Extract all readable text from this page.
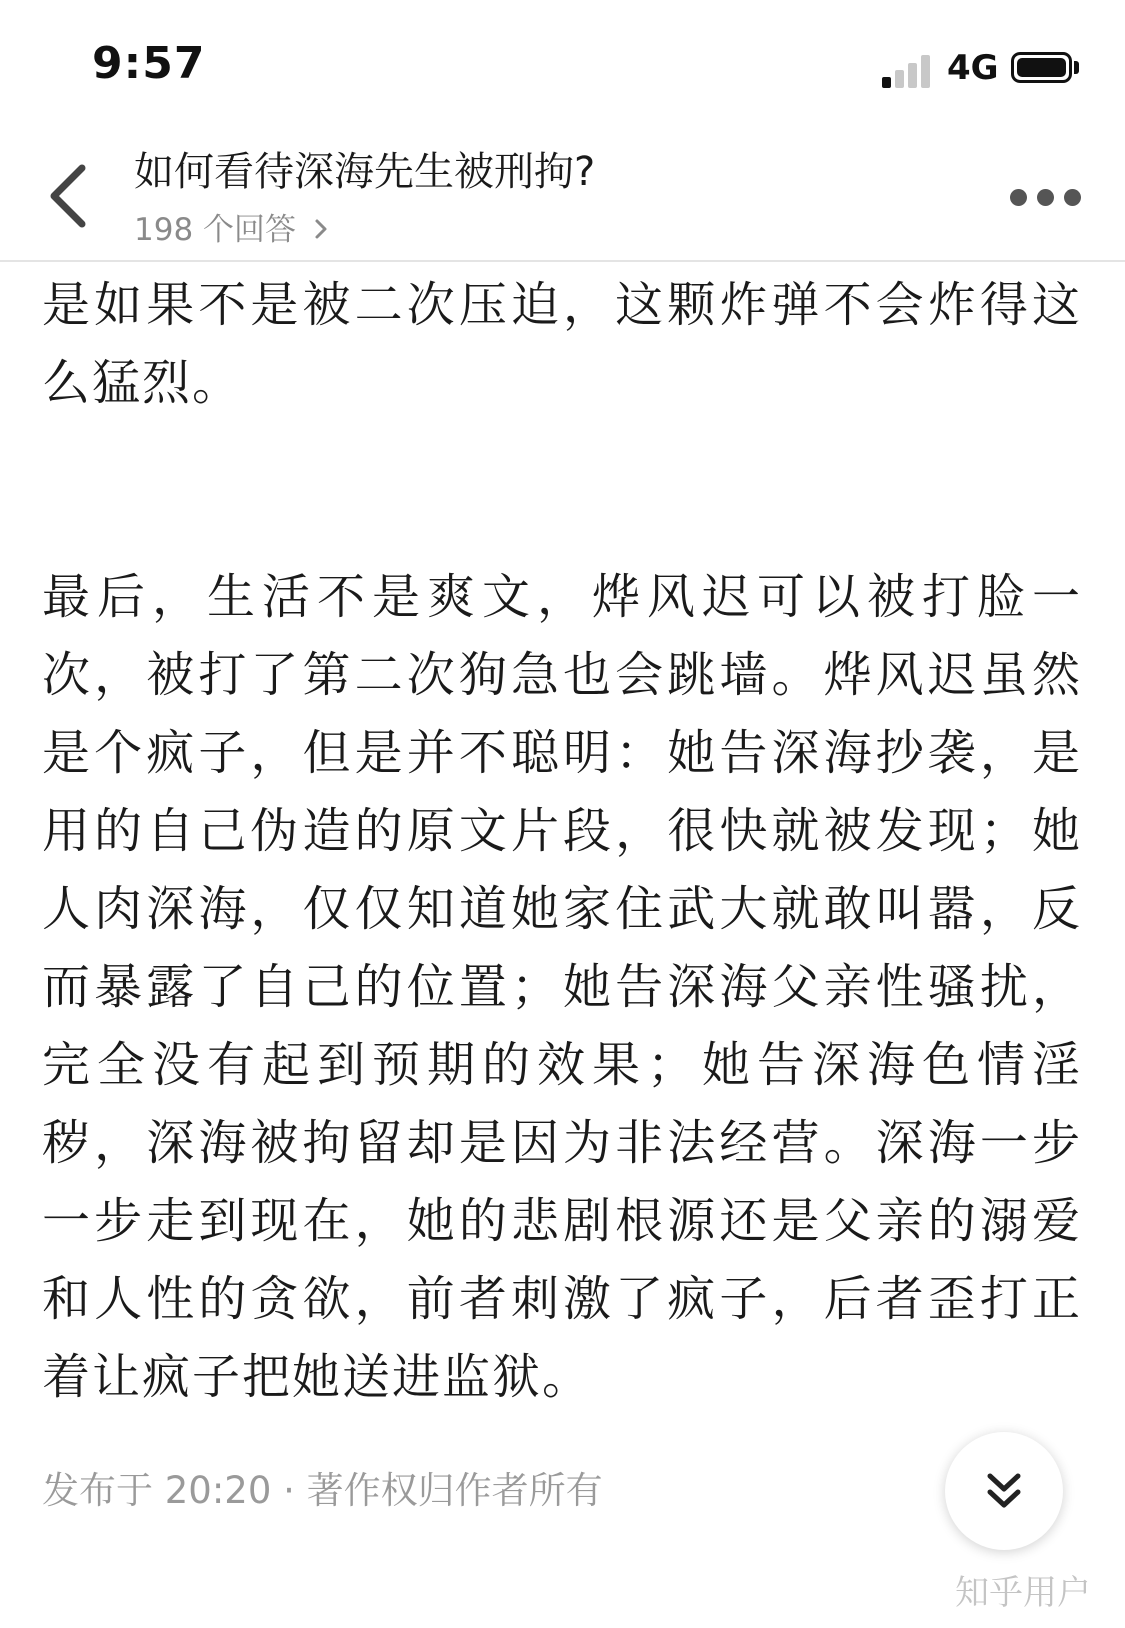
9:57	4G
如何看待深海先生被刑拘?
198 个回答

是如果不是被二次压迫，这颗炸弹不会炸得这么猛烈。

最后，生活不是爽文，烨风迟可以被打脸一次，被打了第二次狗急也会跳墙。烨风迟虽然是个疯子，但是并不聪明：她告深海抄袭，是用的自己伪造的原文片段，很快就被发现；她人肉深海，仅仅知道她家住武大就敢叫嚣，反而暴露了自己的位置；她告深海父亲性骚扰，完全没有起到预期的效果；她告深海色情淫秽，深海被拘留却是因为非法经营。深海一步一步走到现在，她的悲剧根源还是父亲的溺爱和人性的贪欲，前者刺激了疯子，后者歪打正着让疯子把她送进监狱。

发布于 20:20 · 著作权归作者所有
知乎用户
